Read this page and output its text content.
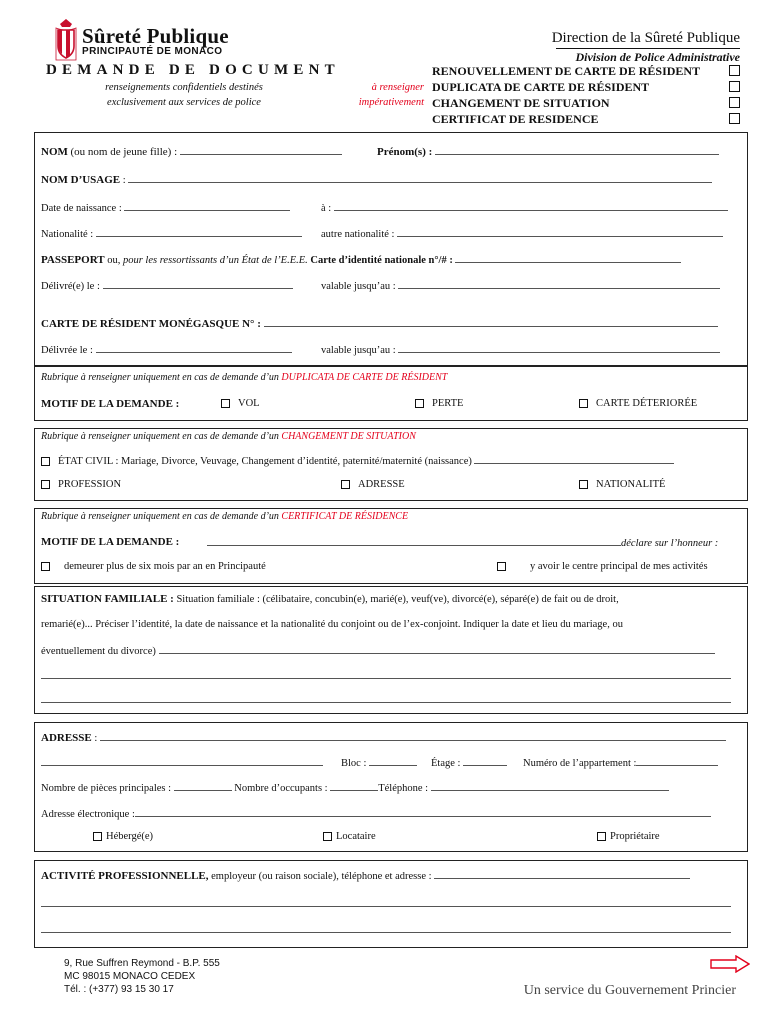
Sûreté Publique
PRINCIPAUTÉ DE MONACO
Direction de la Sûreté Publique
Division de Police Administrative
DEMANDE DE DOCUMENT
renseignements confidentiels destinés
exclusivement aux services de police
à renseigner
impérativement
RENOUVELLEMENT DE CARTE DE RÉSIDENT
DUPLICATA DE CARTE DE RÉSIDENT
CHANGEMENT DE SITUATION
CERTIFICAT DE RESIDENCE
NOM (ou nom de jeune fille) :	Prénom(s) :
NOM D’USAGE :
Date de naissance :	à :
Nationalité :	autre nationalité :
PASSEPORT ou, pour les ressortissants d’un État de l’E.E.E. Carte d’identité nationale n°/# :
Délivré(e) le :	valable jusqu’au :
CARTE DE RÉSIDENT MONÉGASQUE N° :
Délivrée le :	valable jusqu’au :
Rubrique à renseigner uniquement en cas de demande d’un DUPLICATA DE CARTE DE RÉSIDENT
MOTIF DE LA DEMANDE :	VOL	PERTE	CARTE DÉTERIORÉE
Rubrique à renseigner uniquement en cas de demande d’un CHANGEMENT DE SITUATION
ÉTAT CIVIL : Mariage, Divorce, Veuvage, Changement d’identité, paternité/maternité (naissance)
PROFESSION	ADRESSE	NATIONALITÉ
Rubrique à renseigner uniquement en cas de demande d’un CERTIFICAT DE RÉSIDENCE
MOTIF DE LA DEMANDE :	déclare sur l’honneur :
demeurer plus de six mois par an en Principauté	y avoir le centre principal de mes activités
SITUATION FAMILIALE : Situation familiale : (célibataire, concubin(e), marié(e), veuf(ve), divorcé(e), séparé(e) de fait ou de droit,
remarié(e)... Préciser l’identité, la date de naissance et la nationalité du conjoint ou de l’ex-conjoint. Indiquer la date et lieu du mariage, ou
éventuellement du divorce)
ADRESSE :
Bloc :	Étage :	Numéro de l’appartement :
Nombre de pièces principales :	Nombre d’occupants :	Téléphone :
Adresse électronique :
Hébergé(e)	Locataire	Propriétaire
ACTIVITÉ PROFESSIONNELLE, employeur (ou raison sociale), téléphone et adresse :
9, Rue Suffren Reymond - B.P. 555
MC 98015 MONACO CEDEX
Tél. : (+377) 93 15 30 17	Un service du Gouvernement Princier
